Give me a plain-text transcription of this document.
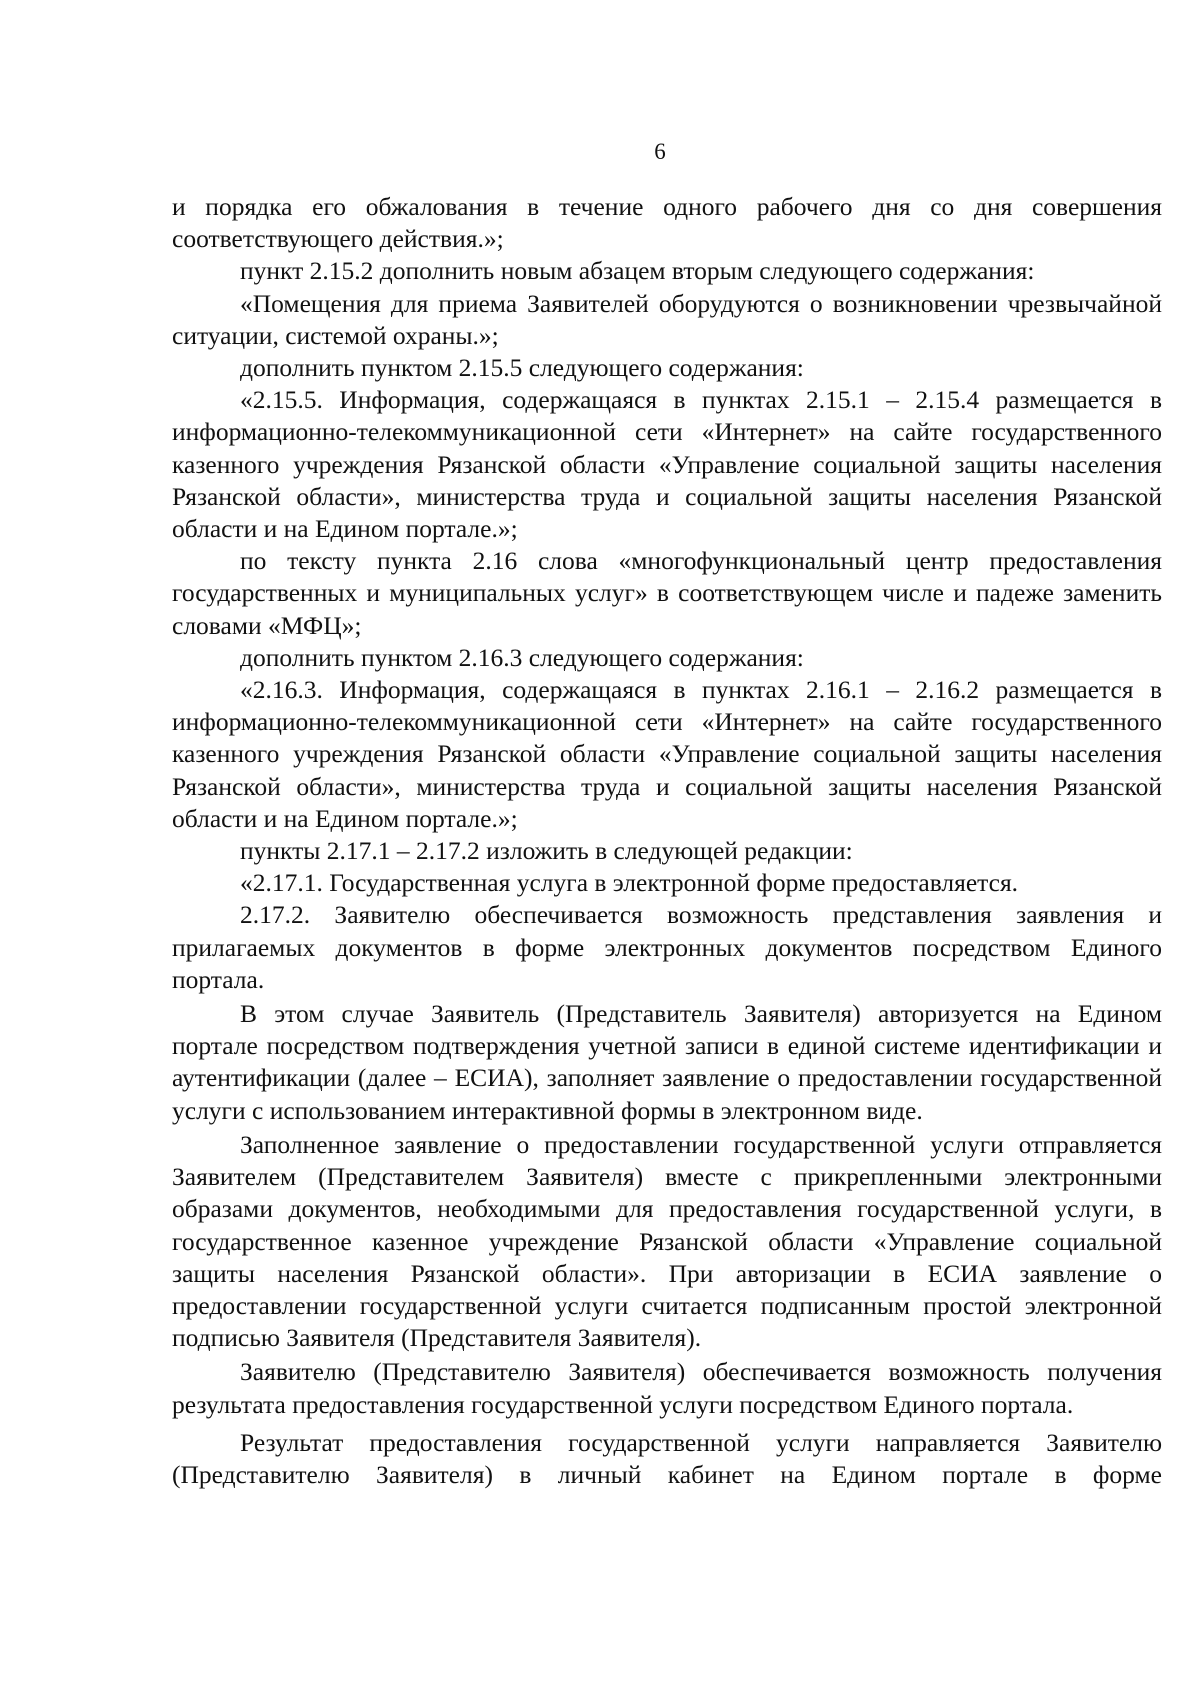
6

и порядка его обжалования в течение одного рабочего дня со дня совершения соответствующего действия.»;

пункт 2.15.2 дополнить новым абзацем вторым следующего содержания:

«Помещения для приема Заявителей оборудуются о возникновении чрезвычайной ситуации, системой охраны.»;

дополнить пунктом 2.15.5 следующего содержания:

«2.15.5. Информация, содержащаяся в пунктах 2.15.1 – 2.15.4 размещается в информационно-телекоммуникационной сети «Интернет» на сайте государственного казенного учреждения Рязанской области «Управление социальной защиты населения Рязанской области», министерства труда и социальной защиты населения Рязанской области и на Едином портале.»;

по тексту пункта 2.16 слова «многофункциональный центр предоставления государственных и муниципальных услуг» в соответствующем числе и падеже заменить словами «МФЦ»;

дополнить пунктом 2.16.3 следующего содержания:

«2.16.3. Информация, содержащаяся в пунктах 2.16.1 – 2.16.2 размещается в информационно-телекоммуникационной сети «Интернет» на сайте государственного казенного учреждения Рязанской области «Управление социальной защиты населения Рязанской области», министерства труда и социальной защиты населения Рязанской области и на Едином портале.»;

пункты 2.17.1 – 2.17.2 изложить в следующей редакции:

«2.17.1. Государственная услуга в электронной форме предоставляется.

2.17.2. Заявителю обеспечивается возможность представления заявления и прилагаемых документов в форме электронных документов посредством Единого портала.

В этом случае Заявитель (Представитель Заявителя) авторизуется на Едином портале посредством подтверждения учетной записи в единой системе идентификации и аутентификации (далее – ЕСИА), заполняет заявление о предоставлении государственной услуги с использованием интерактивной формы в электронном виде.

Заполненное заявление о предоставлении государственной услуги отправляется Заявителем (Представителем Заявителя) вместе с прикрепленными электронными образами документов, необходимыми для предоставления государственной услуги, в государственное казенное учреждение Рязанской области «Управление социальной защиты населения Рязанской области». При авторизации в ЕСИА заявление о предоставлении государственной услуги считается подписанным простой электронной подписью Заявителя (Представителя Заявителя).

Заявителю (Представителю Заявителя) обеспечивается возможность получения результата предоставления государственной услуги посредством Единого портала.

Результат предоставления государственной услуги направляется Заявителю (Представителю Заявителя) в личный кабинет на Едином портале в форме
